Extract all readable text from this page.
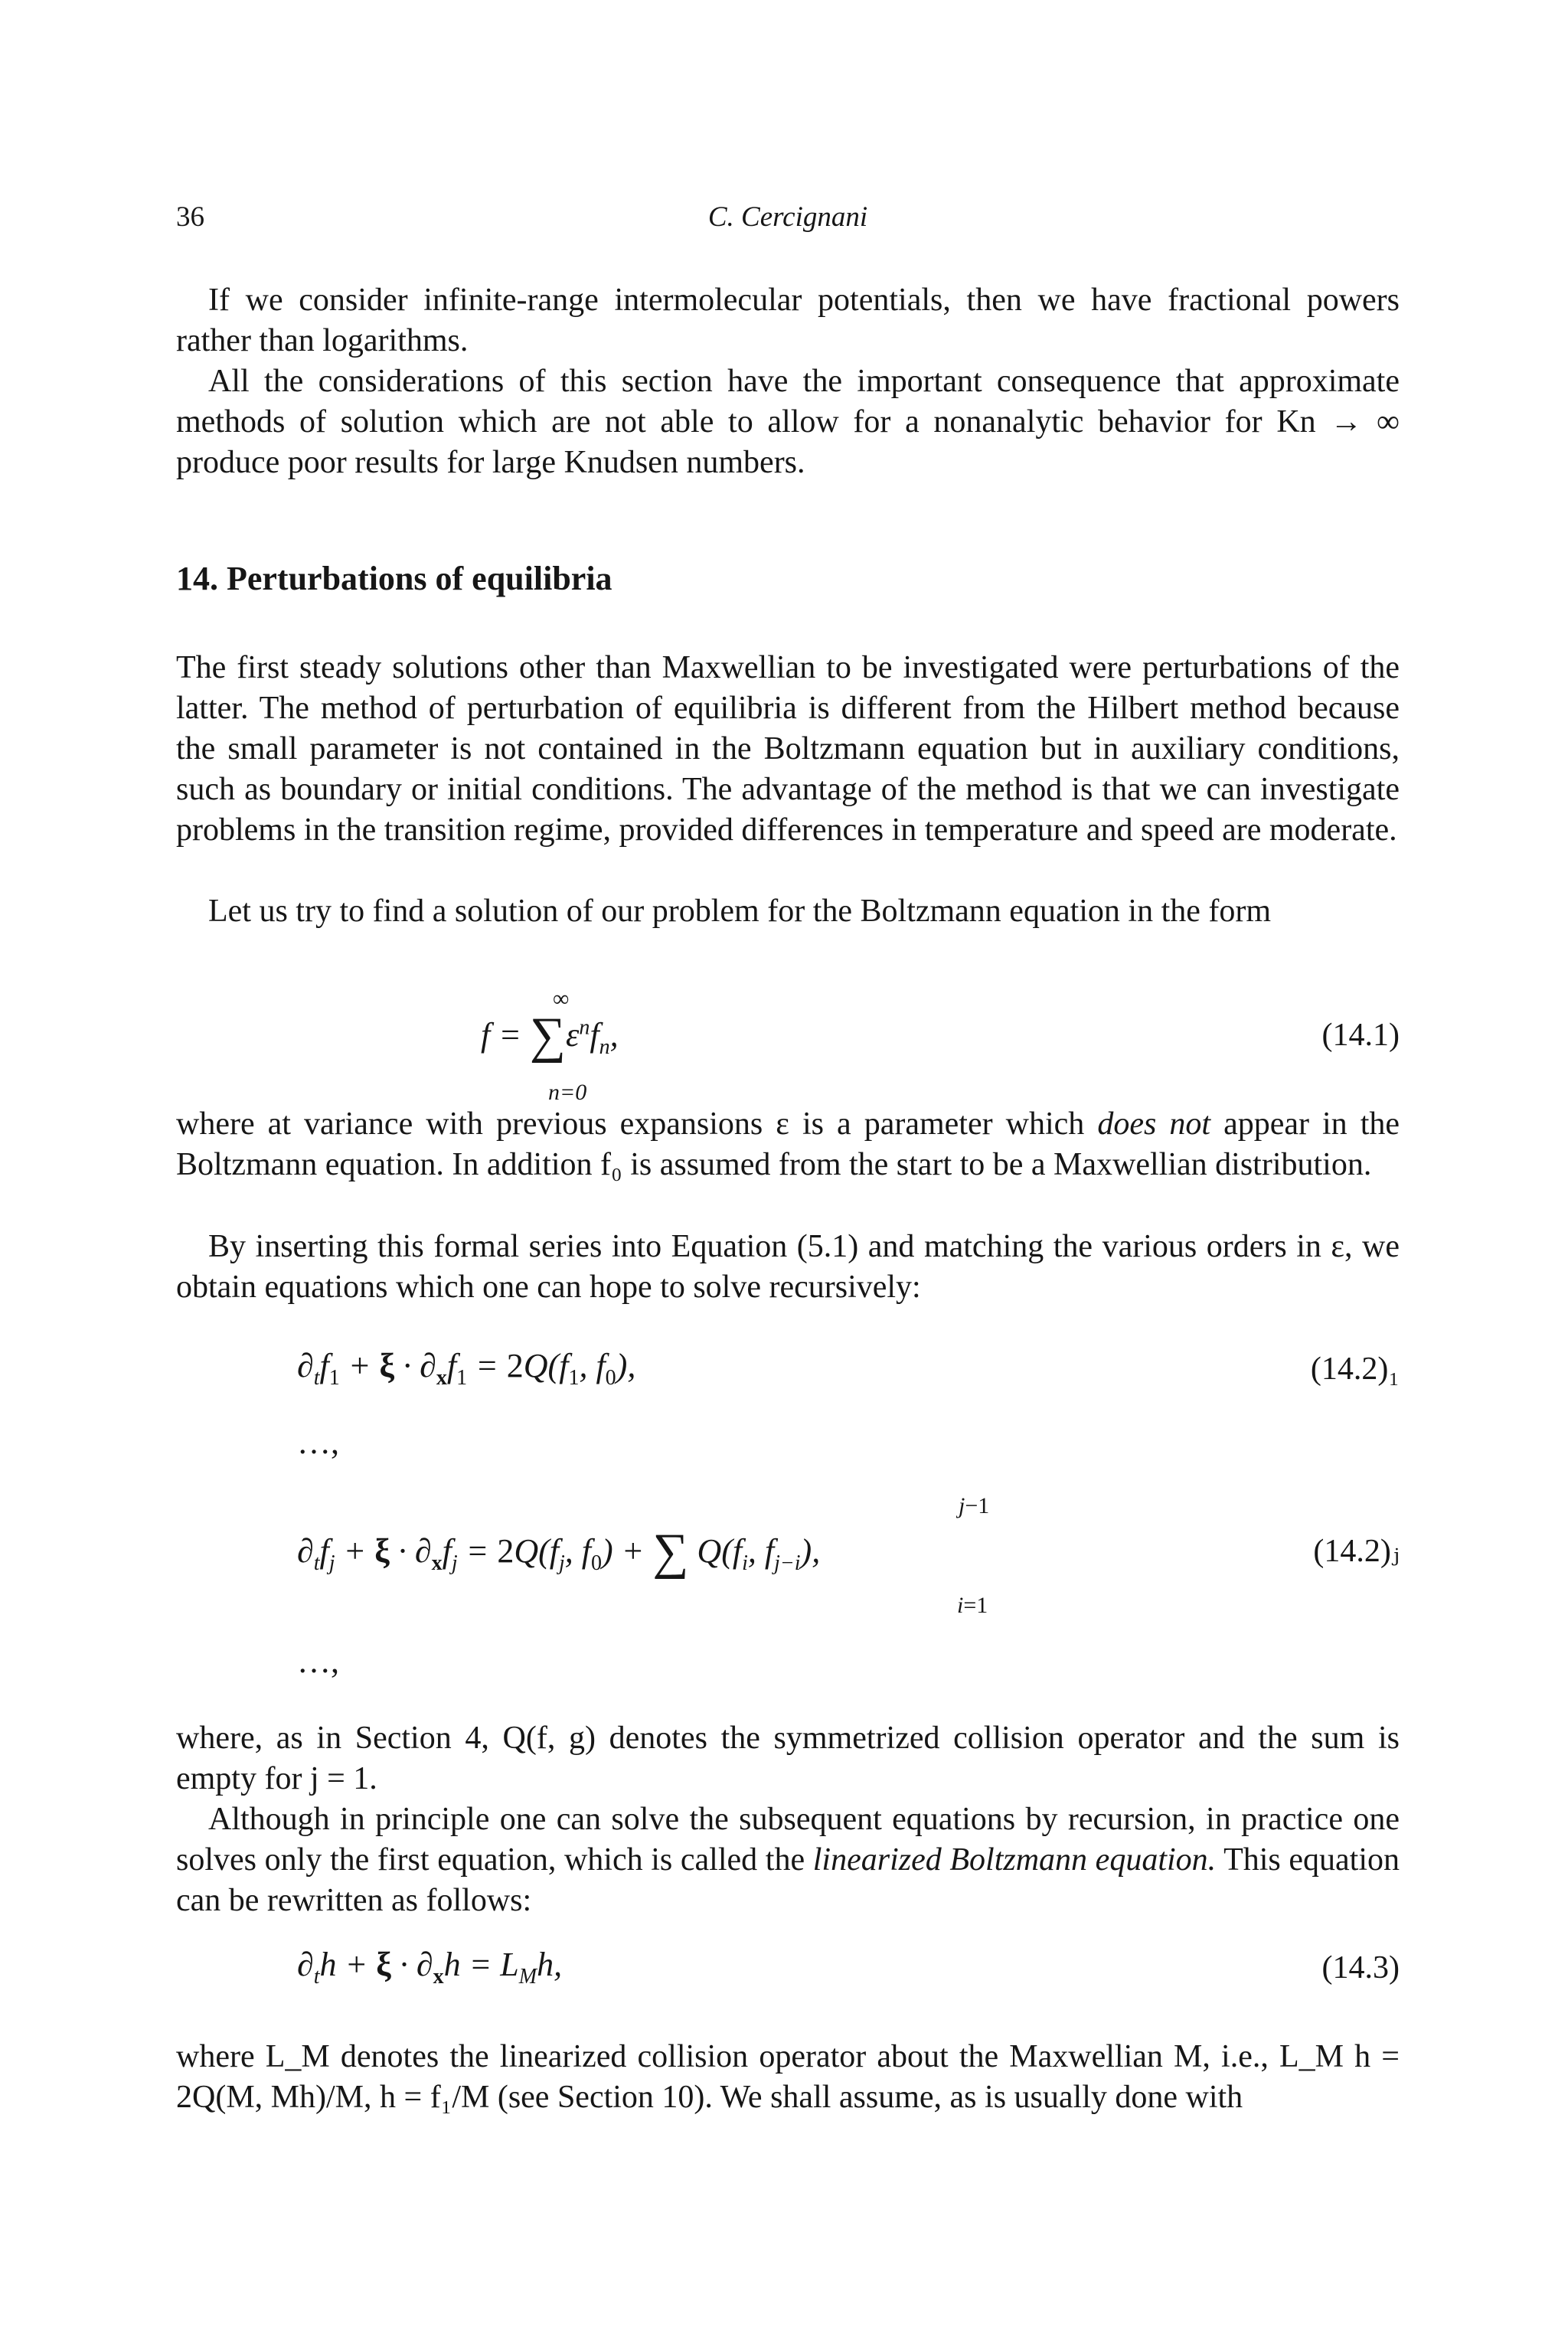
36	C. Cercignani

If we consider infinite-range intermolecular potentials, then we have fractional powers rather than logarithms.

All the considerations of this section have the important consequence that approximate methods of solution which are not able to allow for a nonanalytic behavior for Kn → ∞ produce poor results for large Knudsen numbers.

14. Perturbations of equilibria

The first steady solutions other than Maxwellian to be investigated were perturbations of the latter. The method of perturbation of equilibria is different from the Hilbert method because the small parameter is not contained in the Boltzmann equation but in auxiliary conditions, such as boundary or initial conditions. The advantage of the method is that we can investigate problems in the transition regime, provided differences in temperature and speed are moderate.

Let us try to find a solution of our problem for the Boltzmann equation in the form

∞
$f = \sum\varepsilon^nf_n$,
n=0
(14.1)

where at variance with previous expansions ε is a parameter which does not appear in the Boltzmann equation. In addition f₀ is assumed from the start to be a Maxwellian distribution.

By inserting this formal series into Equation (5.1) and matching the various orders in ε, we obtain equations which one can hope to solve recursively:

$\partial_tf_1 + \xi \cdot \partial_xf_1 = 2Q(f_1$, $f_0$),	(14.2)₁
…,
j−1
$\partial_tf_j + \xi \cdot \partial_xf_j = 2Q(f_j$, $f_0$) + ∑ $Q(f_i$, $f_{j-i}$),
i=1
(14.2)ⱼ
…,

where, as in Section 4, Q(f, g) denotes the symmetrized collision operator and the sum is empty for j = 1.

Although in principle one can solve the subsequent equations by recursion, in practice one solves only the first equation, which is called the linearized Boltzmann equation. This equation can be rewritten as follows:

$\partial_th + \xi \cdot \partial_xh = L_Mh$,	(14.3)

where L_M denotes the linearized collision operator about the Maxwellian M, i.e., L_M h = 2Q(M, Mh)/M, h = f₁/M (see Section 10). We shall assume, as is usually done with
